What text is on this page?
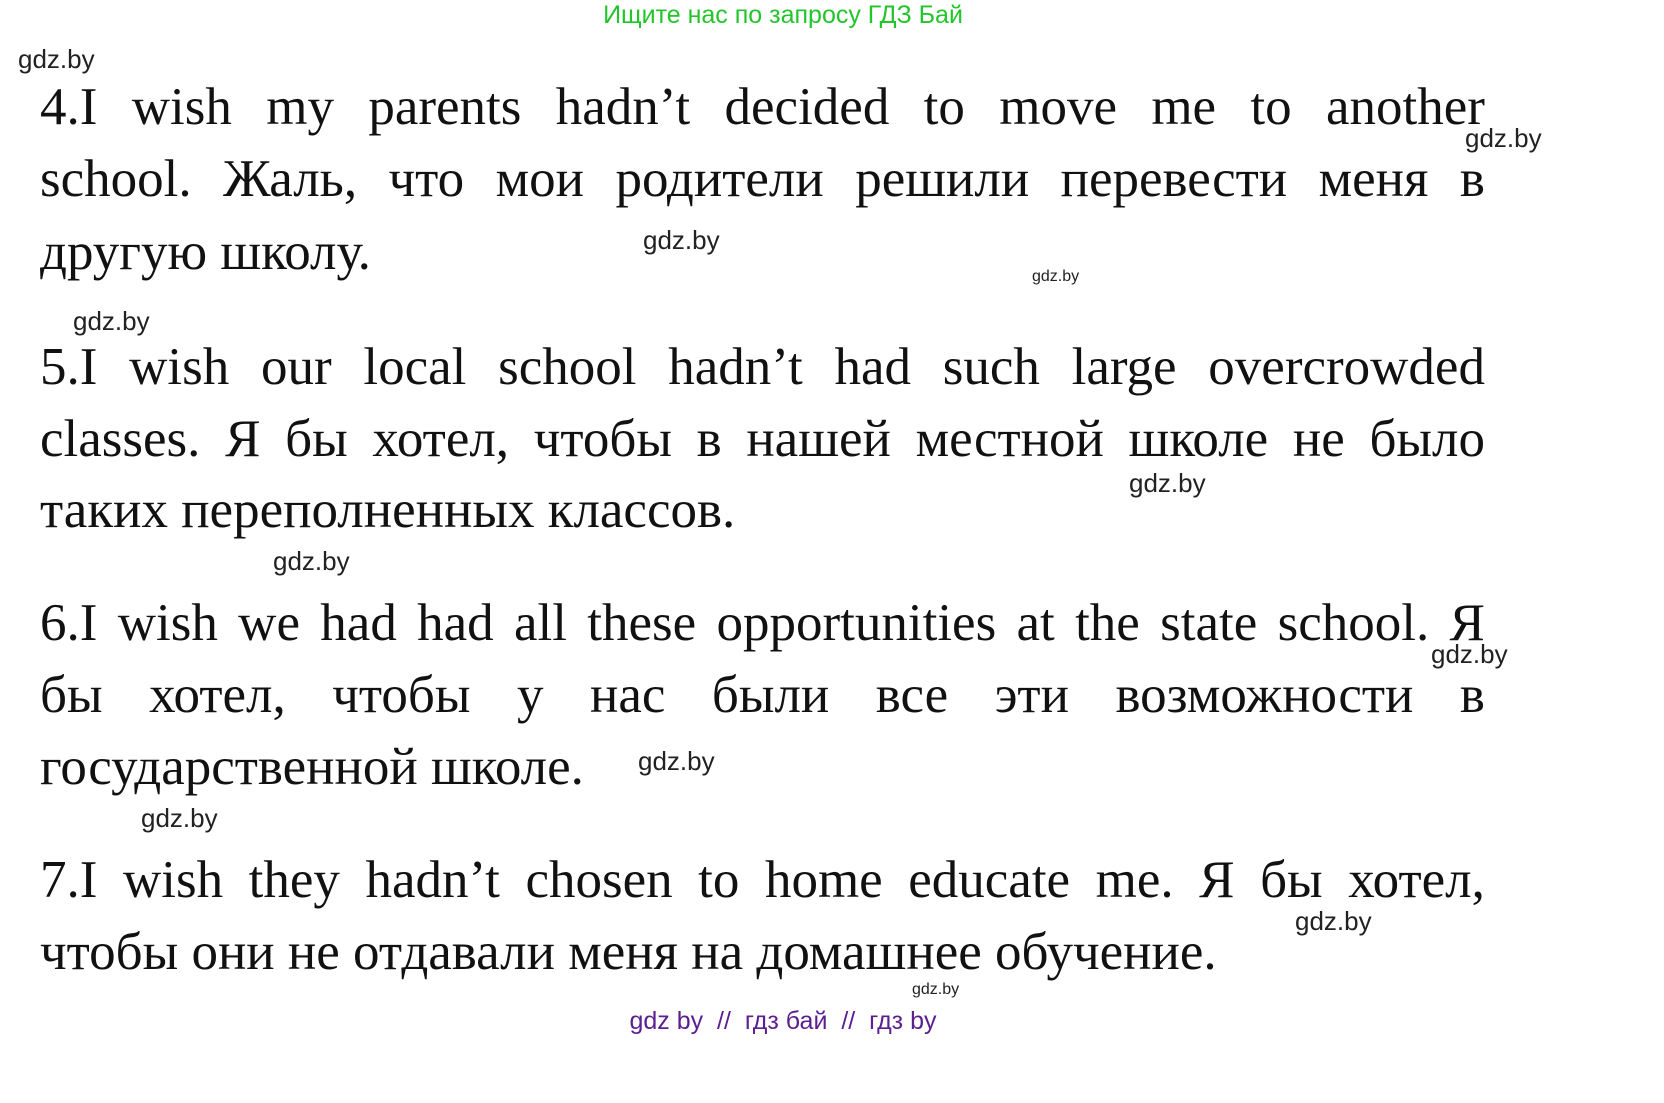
Ищите нас по запросу ГДЗ Бай
4.I wish my parents hadn’t decided to move me to another
school. Жаль, что мои родители решили перевести меня в
другую школу.
5.I wish our local school hadn’t had such large overcrowded
classes. Я бы хотел, чтобы в нашей местной школе не было
таких переполненных классов.
6.I wish we had had all these opportunities at the state school. Я
бы хотел, чтобы у нас были все эти возможности в
государственной школе.
7.I wish they hadn’t chosen to home educate me. Я бы хотел,
чтобы они не отдавали меня на домашнее обучение.
gdz.by
gdz.by
gdz.by
gdz.by
gdz.by
gdz.by
gdz.by
gdz.by
gdz.by
gdz.by
gdz.by
gdz.by
gdz by  //  гдз бай  //  гдз by
